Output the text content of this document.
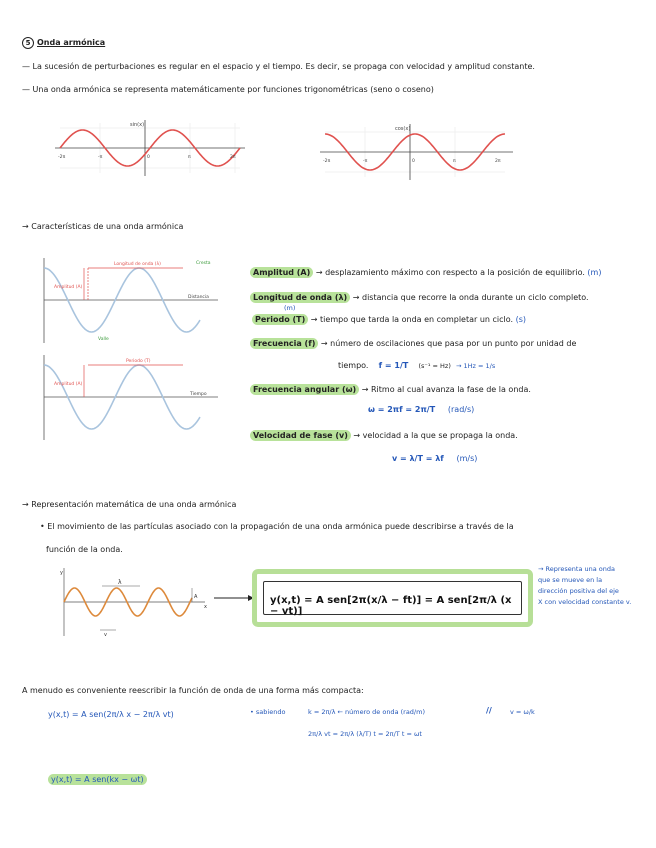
5 Onda armónica
— La sucesión de perturbaciones es regular en el espacio y el tiempo. Es decir, se propaga con velocidad y amplitud constante.
— Una onda armónica se representa matemáticamente por funciones trigonométricas (seno o coseno)
sin(x)
-2π	-π	0	π	2π
cos(x)
-2π	-π	0	π	2π
→ Características de una onda armónica
Longitud de onda (λ)	Cresta
Amplitud (A)
Distancia
Valle
Periodo (T)
Amplitud (A)
Tiempo
Amplitud (A) → desplazamiento máximo con respecto a la posición de equilibrio. (m)
Longitud de onda (λ) → distancia que recorre la onda durante un ciclo completo.
(m)
Periodo (T) → tiempo que tarda la onda en completar un ciclo. (s)
Frecuencia (f) → número de oscilaciones que pasa por un punto por unidad de
tiempo. f = 1/T (s⁻¹ = Hz) → 1Hz = 1/s
Frecuencia angular (ω) → Ritmo al cual avanza la fase de la onda.
ω = 2πf = 2π/T (rad/s)
Velocidad de fase (v) → velocidad a la que se propaga la onda.
v = λ/T = λf (m/s)
→ Representación matemática de una onda armónica
• El movimiento de las partículas asociado con la propagación de una onda armónica puede describirse a través de la
función de la onda.
y
x
λ
A
v
y(x,t) = A sen[2π(x/λ − ft)] = A sen[2π/λ (x − vt)]
→ Representa una onda
que se mueve en la
dirección positiva del eje
X con velocidad constante v.
A menudo es conveniente reescribir la función de onda de una forma más compacta:
y(x,t) = A sen(2π/λ x − 2π/λ vt)	• sabiendo	k = 2π/λ ← número de onda (rad/m)	//	v = ω/k
2π/λ vt = 2π/λ (λ/T) t = 2π/T t = ωt
y(x,t) = A sen(kx − ωt)
